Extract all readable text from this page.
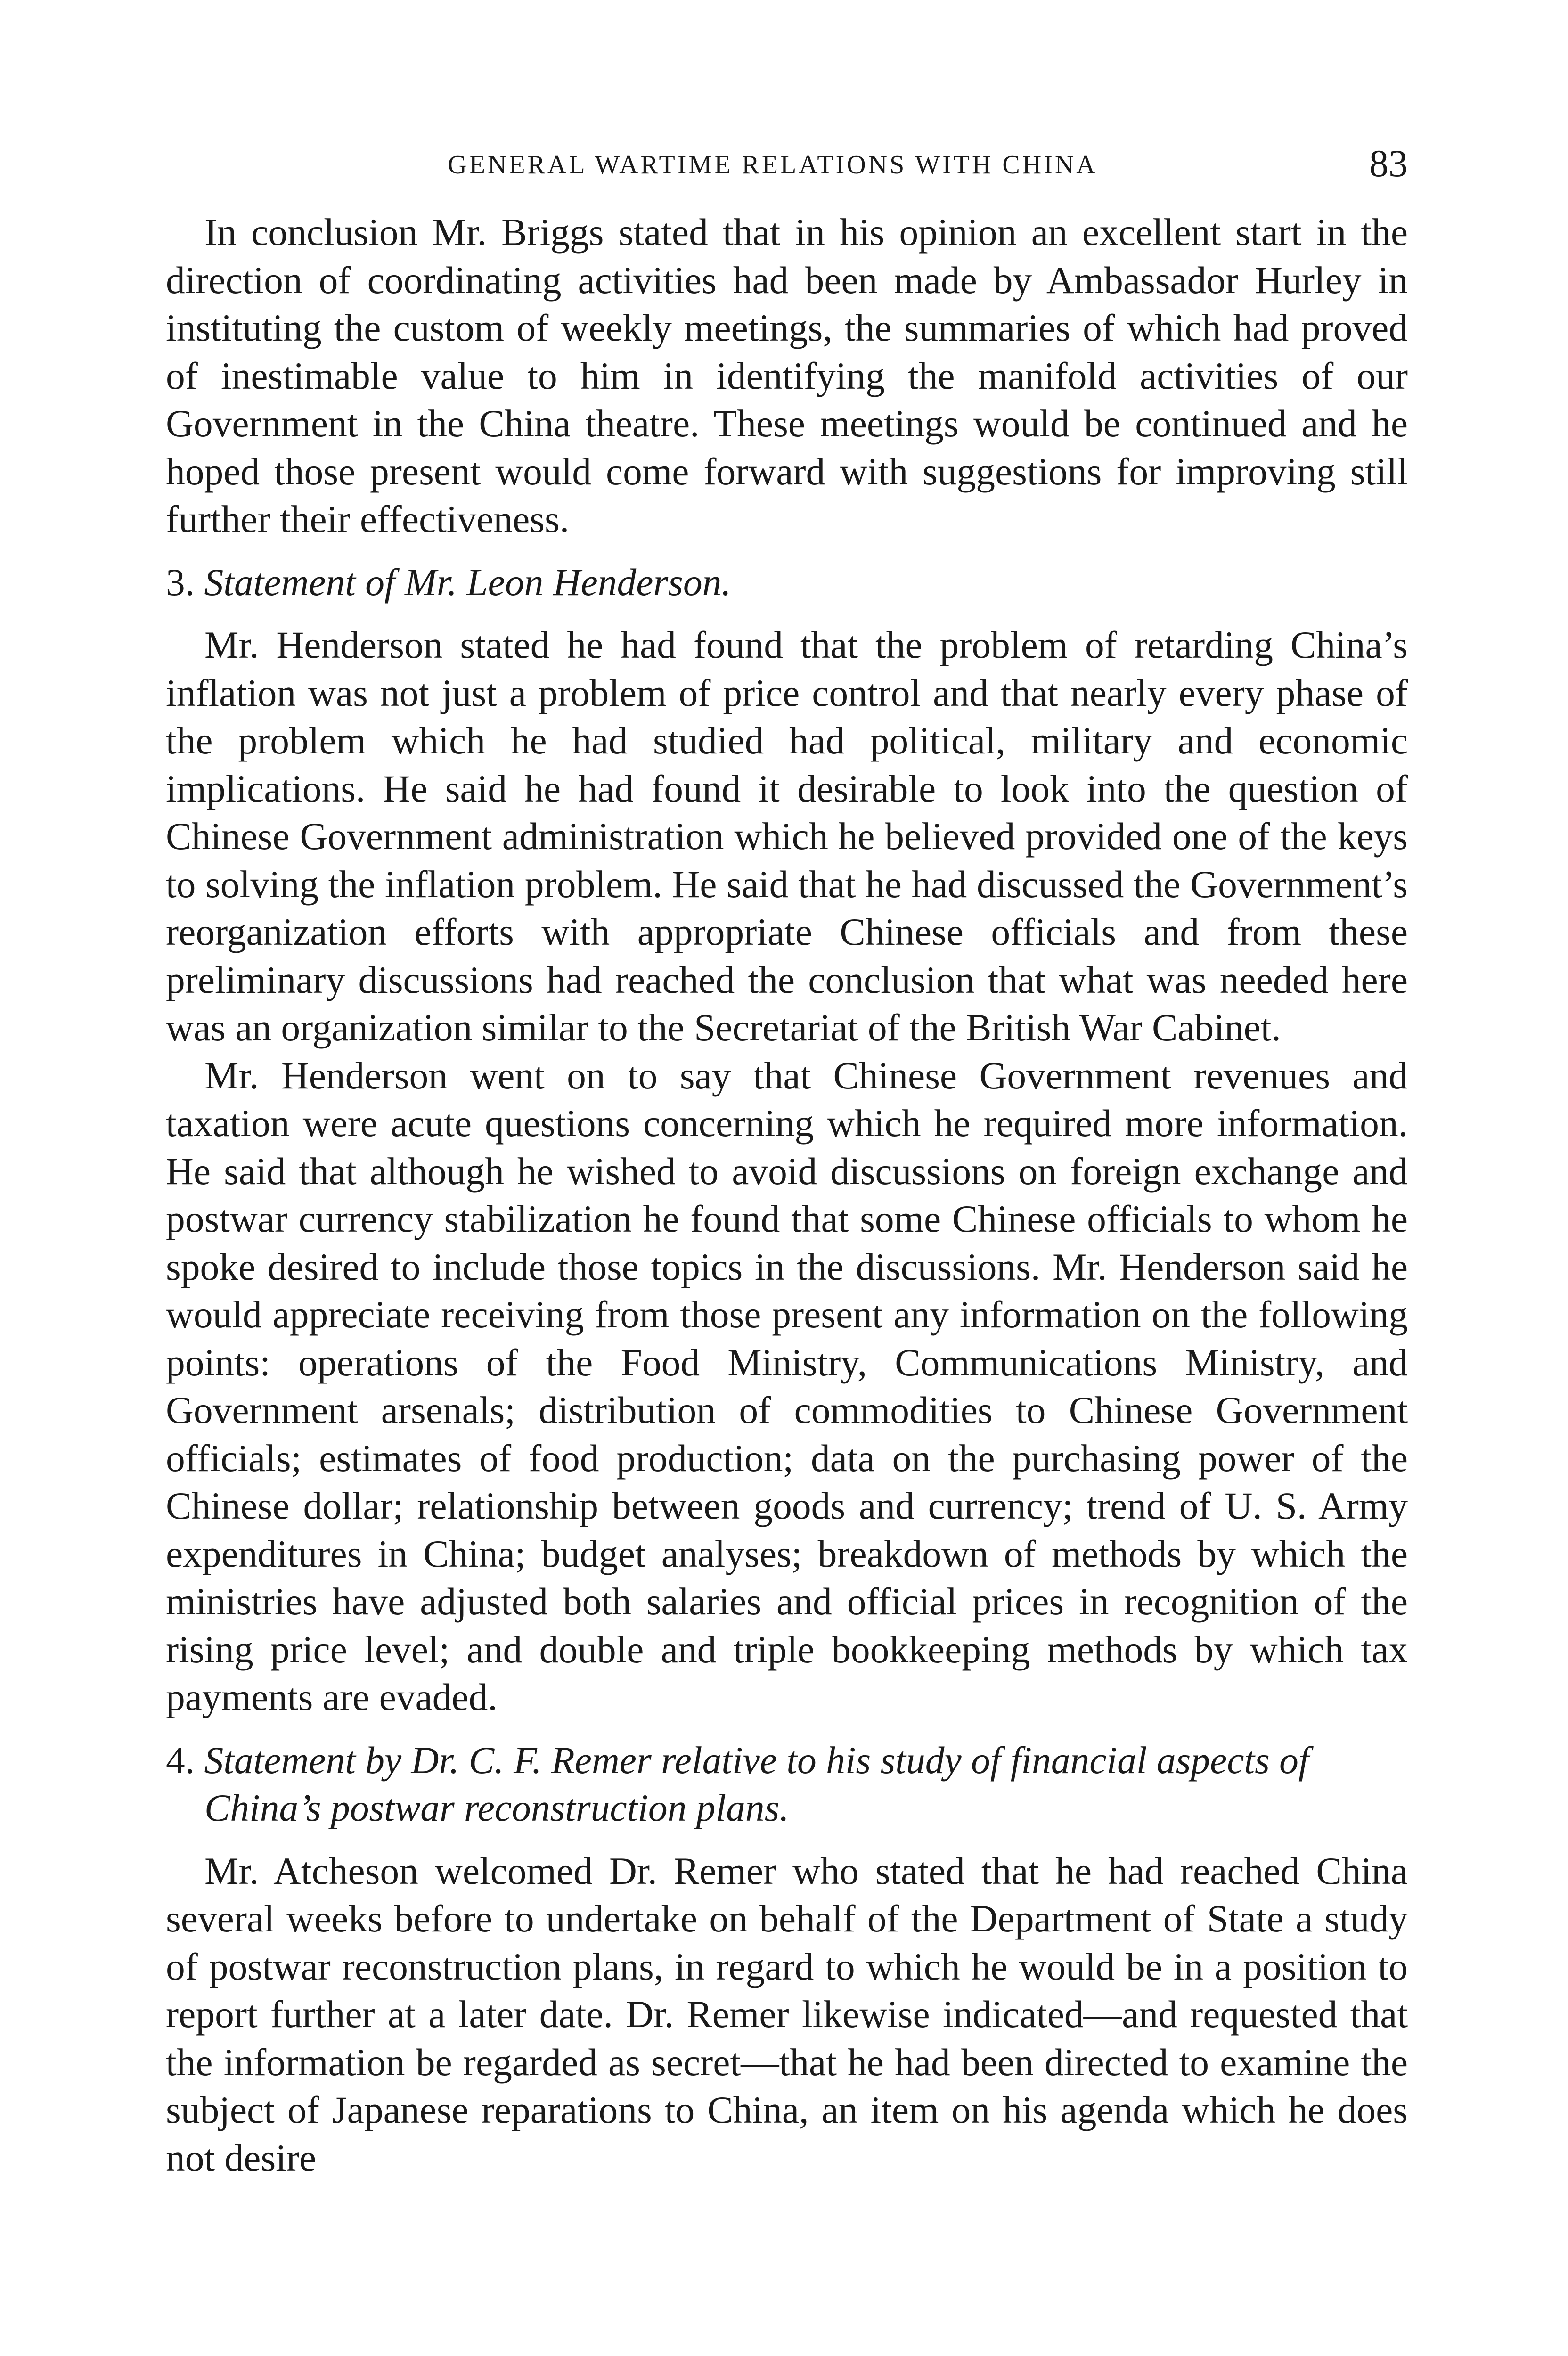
GENERAL WARTIME RELATIONS WITH CHINA	83

In conclusion Mr. Briggs stated that in his opinion an excellent start in the direction of coordinating activities had been made by Ambassador Hurley in instituting the custom of weekly meetings, the summaries of which had proved of inestimable value to him in identifying the manifold activities of our Government in the China theatre. These meetings would be continued and he hoped those present would come forward with suggestions for improving still further their effectiveness.

3. Statement of Mr. Leon Henderson.

Mr. Henderson stated he had found that the problem of retarding China’s inflation was not just a problem of price control and that nearly every phase of the problem which he had studied had political, military and economic implications. He said he had found it desirable to look into the question of Chinese Government administration which he believed provided one of the keys to solving the inflation problem. He said that he had discussed the Government’s reorganization efforts with appropriate Chinese officials and from these preliminary discussions had reached the conclusion that what was needed here was an organization similar to the Secretariat of the British War Cabinet.

Mr. Henderson went on to say that Chinese Government revenues and taxation were acute questions concerning which he required more information. He said that although he wished to avoid discussions on foreign exchange and postwar currency stabilization he found that some Chinese officials to whom he spoke desired to include those topics in the discussions. Mr. Henderson said he would appreciate receiving from those present any information on the following points: operations of the Food Ministry, Communications Ministry, and Government arsenals; distribution of commodities to Chinese Government officials; estimates of food production; data on the purchasing power of the Chinese dollar; relationship between goods and currency; trend of U. S. Army expenditures in China; budget analyses; breakdown of methods by which the ministries have adjusted both salaries and official prices in recognition of the rising price level; and double and triple bookkeeping methods by which tax payments are evaded.

4. Statement by Dr. C. F. Remer relative to his study of financial aspects of China’s postwar reconstruction plans.

Mr. Atcheson welcomed Dr. Remer who stated that he had reached China several weeks before to undertake on behalf of the Department of State a study of postwar reconstruction plans, in regard to which he would be in a position to report further at a later date. Dr. Remer likewise indicated—and requested that the information be regarded as secret—that he had been directed to examine the subject of Japanese reparations to China, an item on his agenda which he does not desire
